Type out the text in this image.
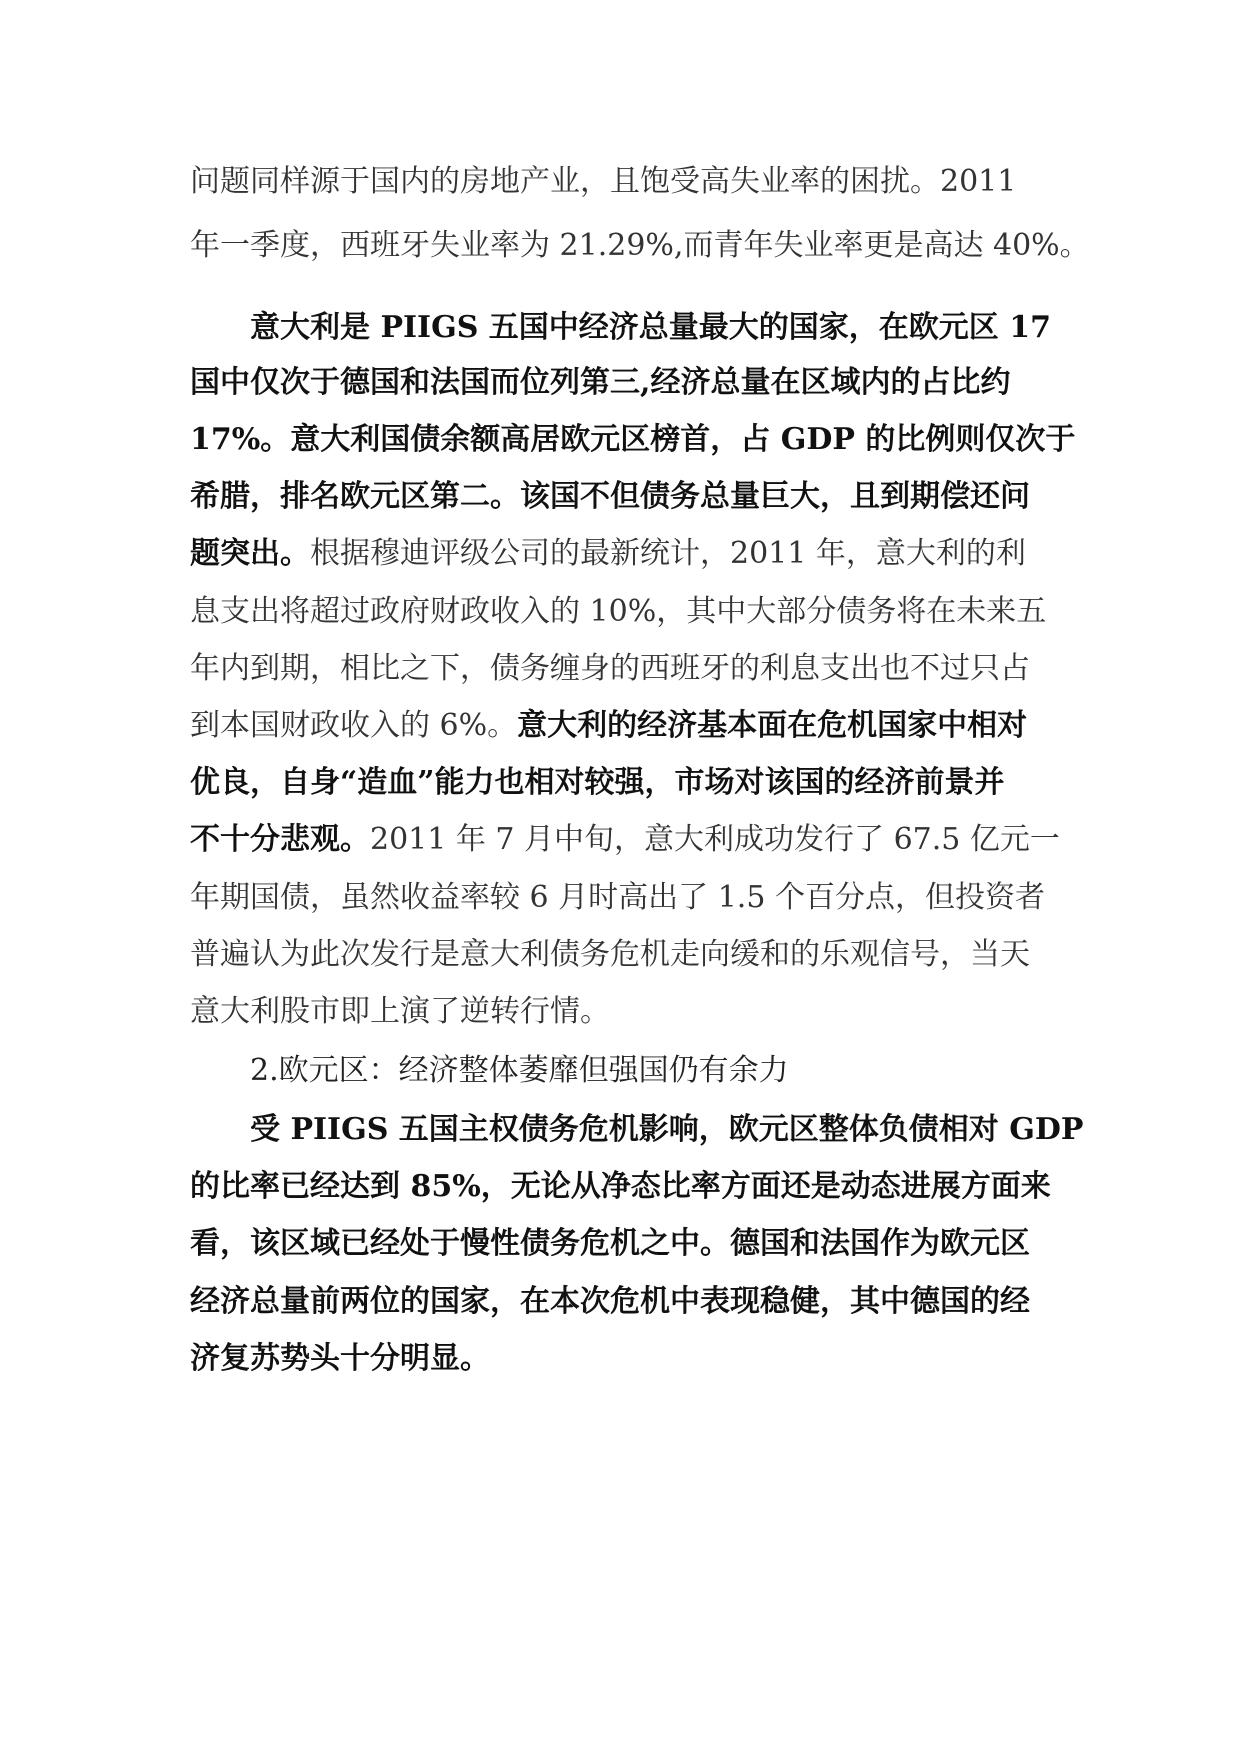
问题同样源于国内的房地产业，且饱受高失业率的困扰。2011
年一季度，西班牙失业率为 21.29%,而青年失业率更是高达 40%。
意大利是 PIIGS 五国中经济总量最大的国家，在欧元区 17
国中仅次于德国和法国而位列第三,经济总量在区域内的占比约
17%。意大利国债余额高居欧元区榜首，占 GDP 的比例则仅次于
希腊，排名欧元区第二。该国不但债务总量巨大，且到期偿还问
题突出。根据穆迪评级公司的最新统计，2011 年，意大利的利
息支出将超过政府财政收入的 10%，其中大部分债务将在未来五
年内到期，相比之下，债务缠身的西班牙的利息支出也不过只占
到本国财政收入的 6%。意大利的经济基本面在危机国家中相对
优良，自身“造血”能力也相对较强，市场对该国的经济前景并
不十分悲观。2011 年 7 月中旬，意大利成功发行了 67.5 亿元一
年期国债，虽然收益率较 6 月时高出了 1.5 个百分点，但投资者
普遍认为此次发行是意大利债务危机走向缓和的乐观信号，当天
意大利股市即上演了逆转行情。
2.欧元区：经济整体萎靡但强国仍有余力
受 PIIGS 五国主权债务危机影响，欧元区整体负债相对 GDP
的比率已经达到 85%，无论从净态比率方面还是动态进展方面来
看，该区域已经处于慢性债务危机之中。德国和法国作为欧元区
经济总量前两位的国家，在本次危机中表现稳健，其中德国的经
济复苏势头十分明显。
